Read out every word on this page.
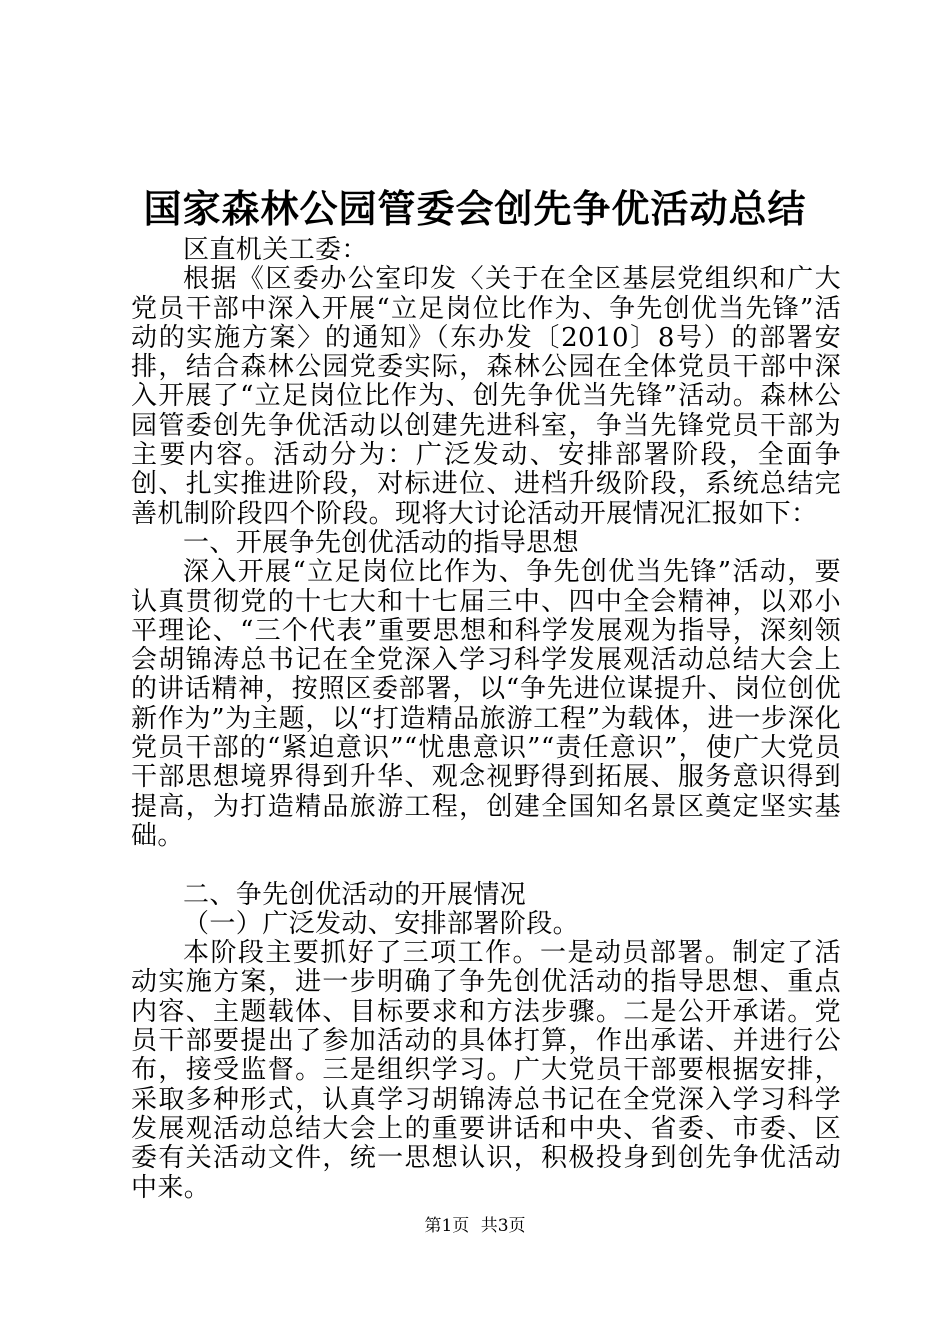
国家森林公园管委会创先争优活动总结

区直机关工委：

根据《区委办公室印发〈关于在全区基层党组织和广大党员干部中深入开展“立足岗位比作为、争先创优当先锋”活动的实施方案〉的通知》（东办发〔2010〕8号）的部署安排，结合森林公园党委实际，森林公园在全体党员干部中深入开展了“立足岗位比作为、创先争优当先锋”活动。森林公园管委创先争优活动以创建先进科室，争当先锋党员干部为主要内容。活动分为：广泛发动、安排部署阶段，全面争创、扎实推进阶段，对标进位、进档升级阶段，系统总结完善机制阶段四个阶段。现将大讨论活动开展情况汇报如下：

一、开展争先创优活动的指导思想

深入开展“立足岗位比作为、争先创优当先锋”活动，要认真贯彻党的十七大和十七届三中、四中全会精神，以邓小平理论、“三个代表”重要思想和科学发展观为指导，深刻领会胡锦涛总书记在全党深入学习科学发展观活动总结大会上的讲话精神，按照区委部署，以“争先进位谋提升、岗位创优新作为”为主题，以“打造精品旅游工程”为载体，进一步深化党员干部的“紧迫意识”“忧患意识”“责任意识”，使广大党员干部思想境界得到升华、观念视野得到拓展、服务意识得到提高，为打造精品旅游工程，创建全国知名景区奠定坚实基础。

二、争先创优活动的开展情况

（一）广泛发动、安排部署阶段。

本阶段主要抓好了三项工作。一是动员部署。制定了活动实施方案，进一步明确了争先创优活动的指导思想、重点内容、主题载体、目标要求和方法步骤。二是公开承诺。党员干部要提出了参加活动的具体打算，作出承诺、并进行公布，接受监督。三是组织学习。广大党员干部要根据安排，采取多种形式，认真学习胡锦涛总书记在全党深入学习科学发展观活动总结大会上的重要讲话和中央、省委、市委、区委有关活动文件，统一思想认识，积极投身到创先争优活动中来。

第1页 共3页
